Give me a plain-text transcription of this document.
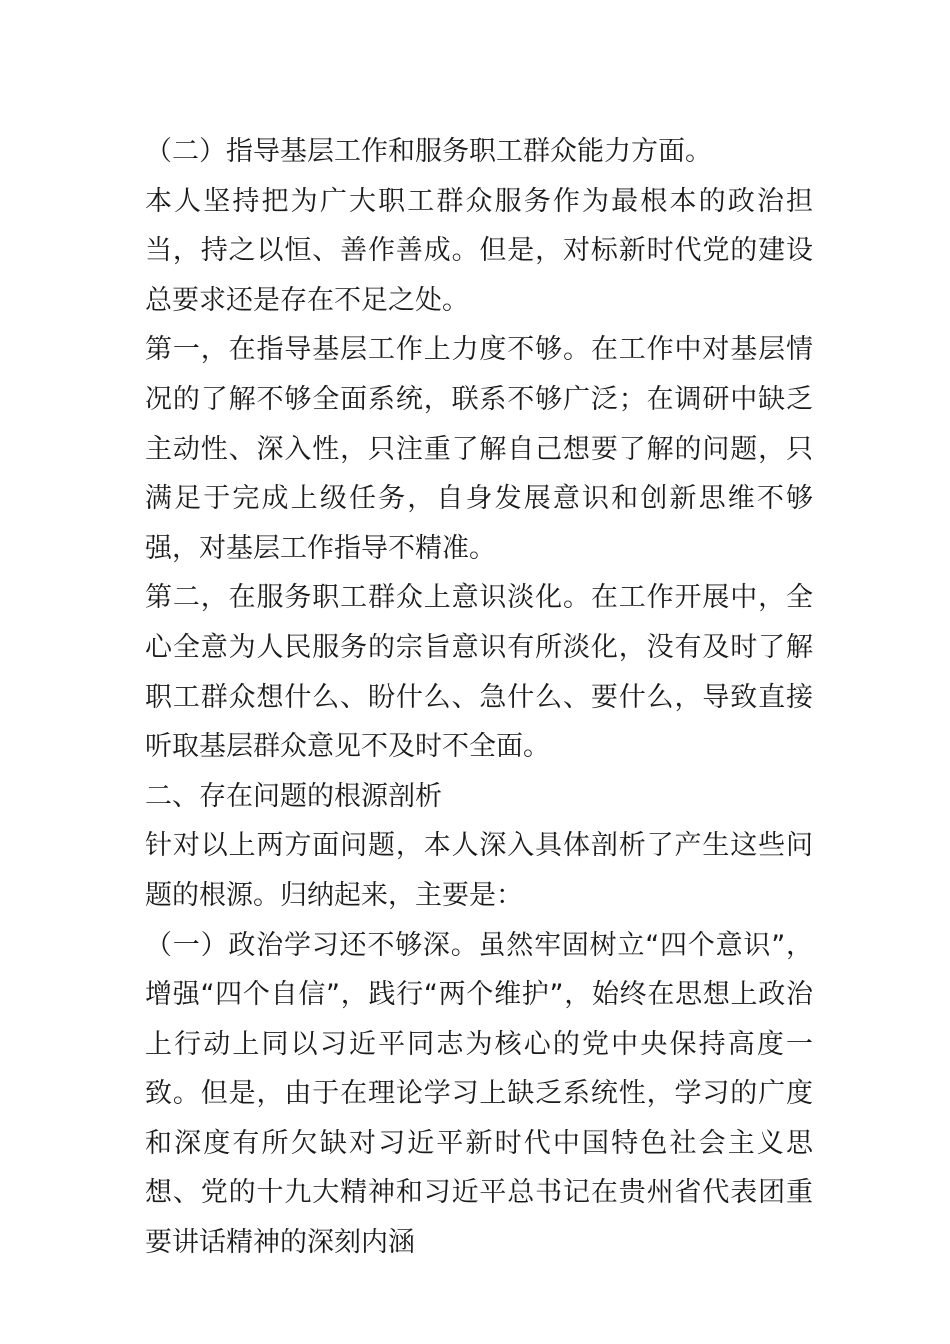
（二）指导基层工作和服务职工群众能力方面。

本人坚持把为广大职工群众服务作为最根本的政治担当，持之以恒、善作善成。但是，对标新时代党的建设总要求还是存在不足之处。

第一，在指导基层工作上力度不够。在工作中对基层情况的了解不够全面系统，联系不够广泛；在调研中缺乏主动性、深入性，只注重了解自己想要了解的问题，只满足于完成上级任务，自身发展意识和创新思维不够强，对基层工作指导不精准。

第二，在服务职工群众上意识淡化。在工作开展中，全心全意为人民服务的宗旨意识有所淡化，没有及时了解职工群众想什么、盼什么、急什么、要什么，导致直接听取基层群众意见不及时不全面。

二、存在问题的根源剖析

针对以上两方面问题，本人深入具体剖析了产生这些问题的根源。归纳起来，主要是：

（一）政治学习还不够深。虽然牢固树立“四个意识”，增强“四个自信”，践行“两个维护”，始终在思想上政治上行动上同以习近平同志为核心的党中央保持高度一致。但是，由于在理论学习上缺乏系统性，学习的广度和深度有所欠缺对习近平新时代中国特色社会主义思想、党的十九大精神和习近平总书记在贵州省代表团重要讲话精神的深刻内涵
